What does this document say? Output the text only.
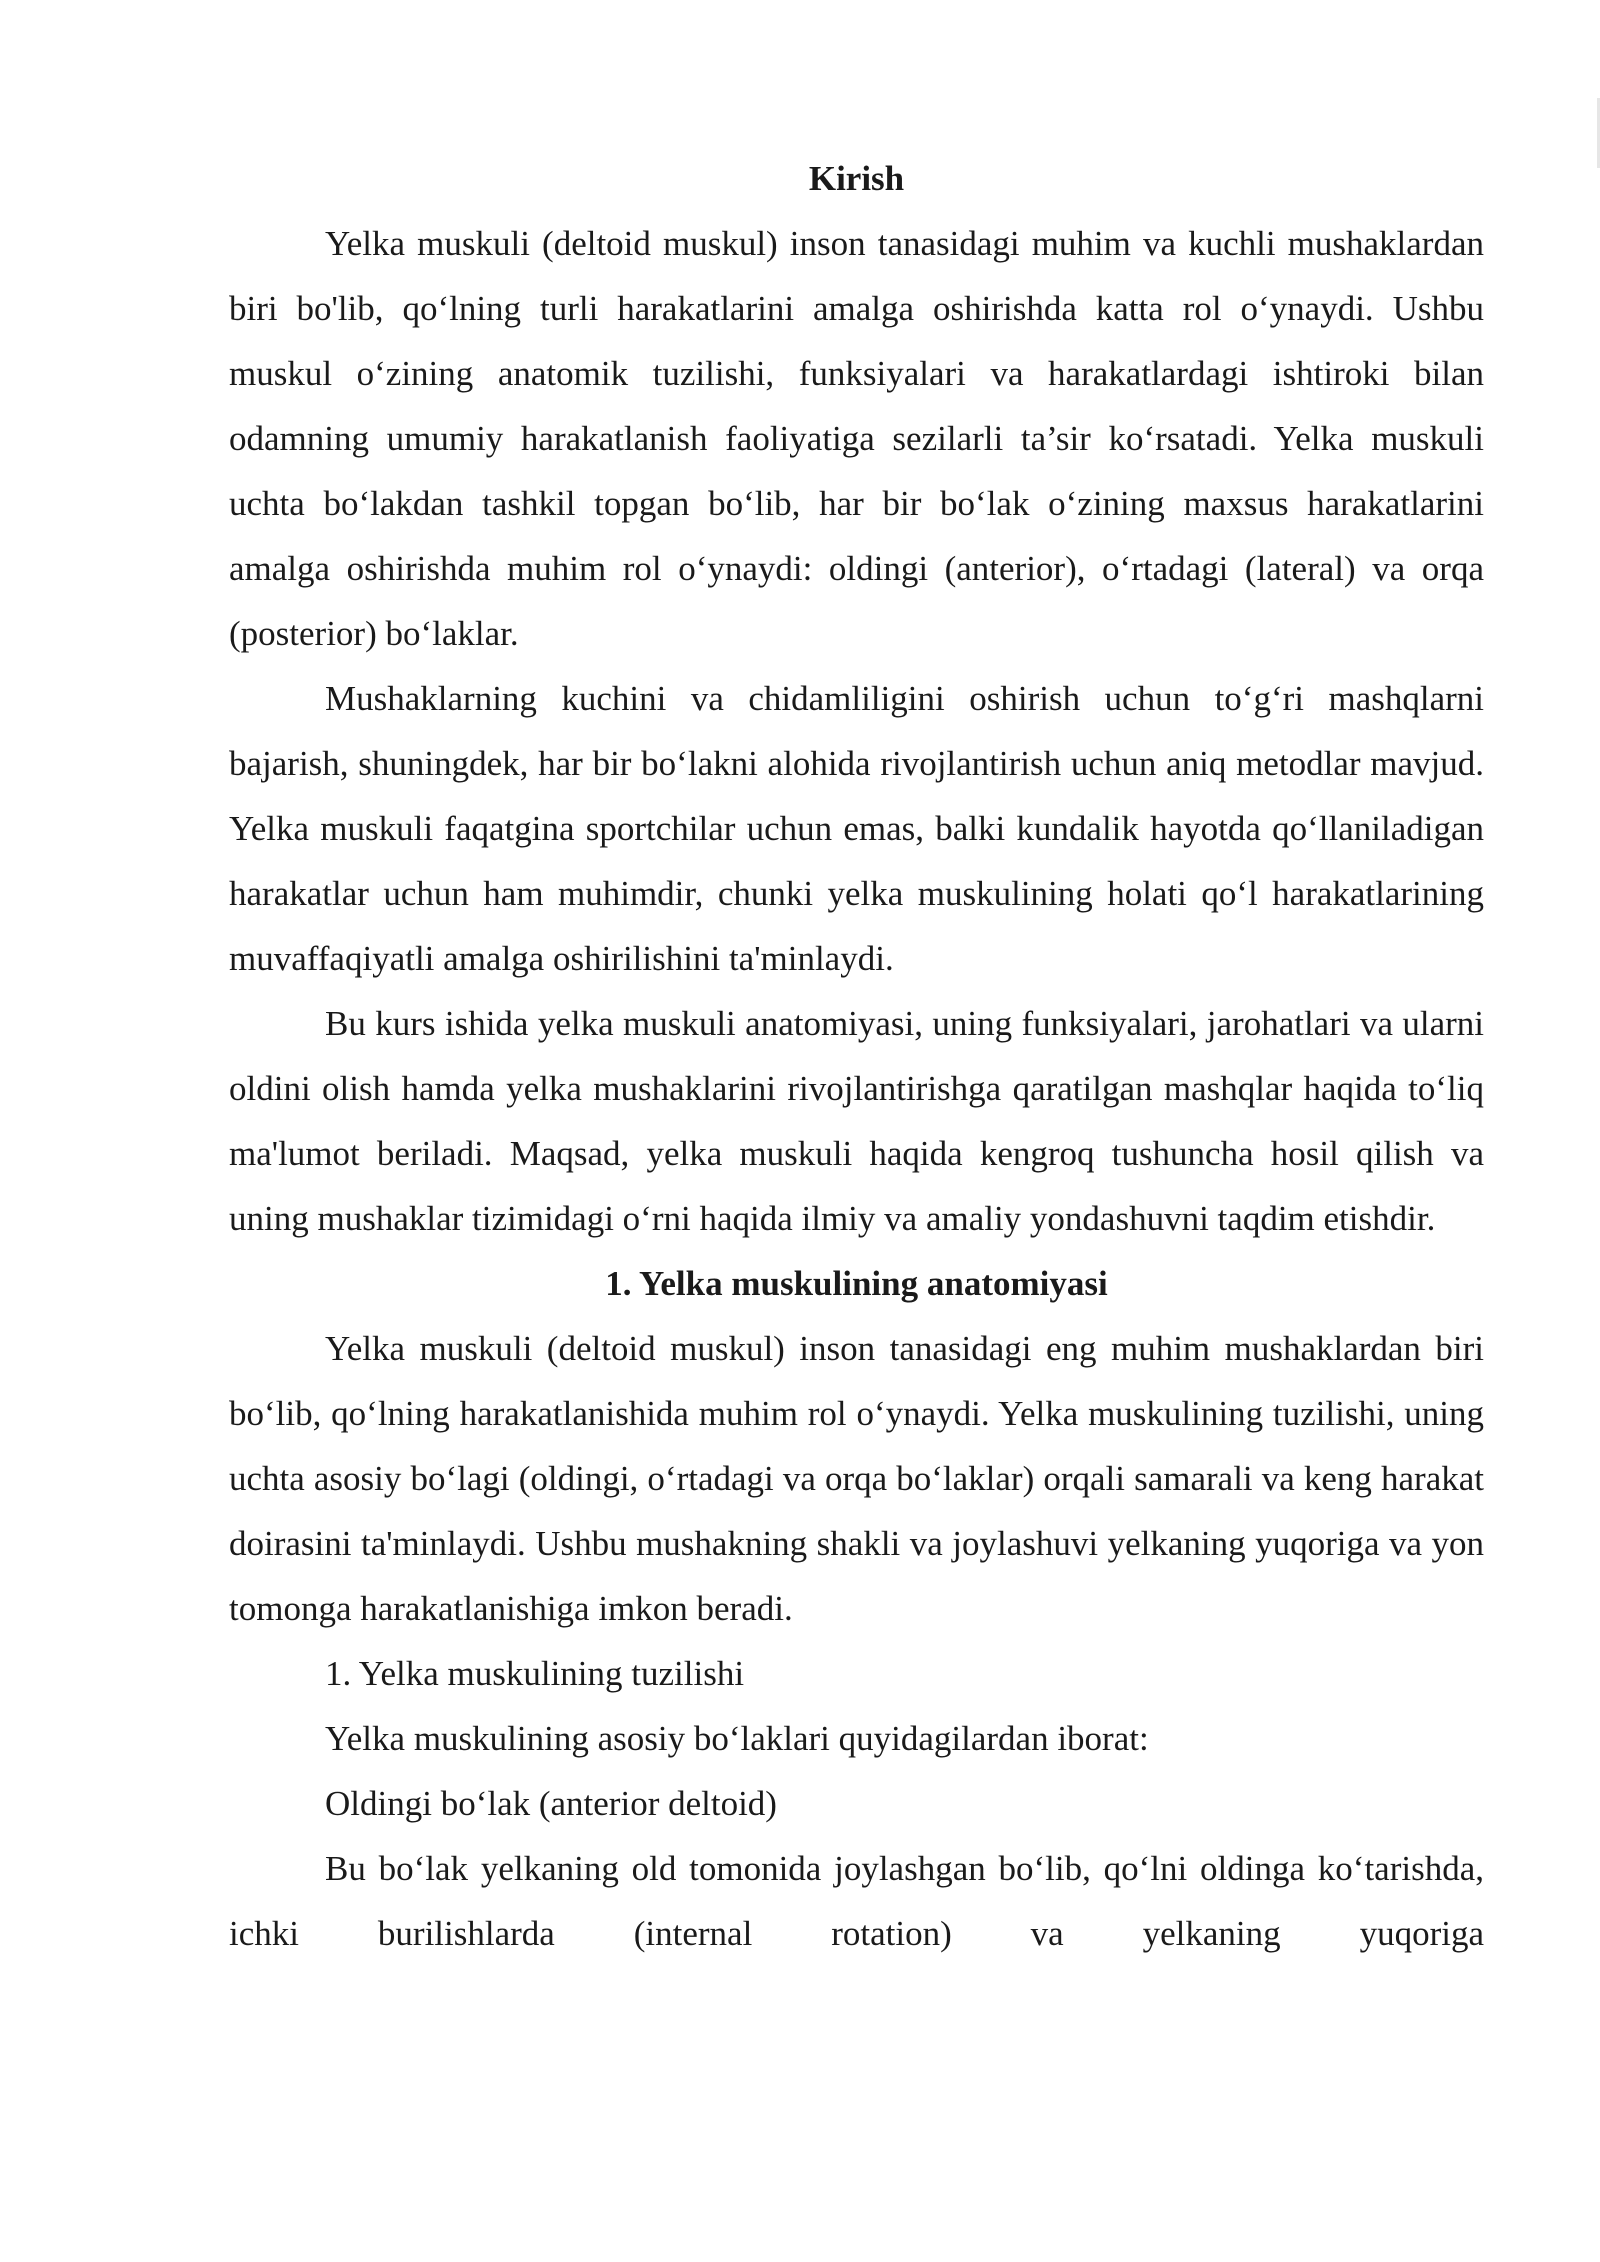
Kirish

Yelka muskuli (deltoid muskul) inson tanasidagi muhim va kuchli mushaklardan biri bo'lib, qo‘lning turli harakatlarini amalga oshirishda katta rol o‘ynaydi. Ushbu muskul o‘zining anatomik tuzilishi, funksiyalari va harakatlardagi ishtiroki bilan odamning umumiy harakatlanish faoliyatiga sezilarli ta’sir ko‘rsatadi. Yelka muskuli uchta bo‘lakdan tashkil topgan bo‘lib, har bir bo‘lak o‘zining maxsus harakatlarini amalga oshirishda muhim rol o‘ynaydi: oldingi (anterior), o‘rtadagi (lateral) va orqa (posterior) bo‘laklar.

Mushaklarning kuchini va chidamliligini oshirish uchun to‘g‘ri mashqlarni bajarish, shuningdek, har bir bo‘lakni alohida rivojlantirish uchun aniq metodlar mavjud. Yelka muskuli faqatgina sportchilar uchun emas, balki kundalik hayotda qo‘llaniladigan harakatlar uchun ham muhimdir, chunki yelka muskulining holati qo‘l harakatlarining muvaffaqiyatli amalga oshirilishini ta'minlaydi.

Bu kurs ishida yelka muskuli anatomiyasi, uning funksiyalari, jarohatlari va ularni oldini olish hamda yelka mushaklarini rivojlantirishga qaratilgan mashqlar haqida to‘liq ma'lumot beriladi. Maqsad, yelka muskuli haqida kengroq tushuncha hosil qilish va uning mushaklar tizimidagi o‘rni haqida ilmiy va amaliy yondashuvni taqdim etishdir.

1. Yelka muskulining anatomiyasi

Yelka muskuli (deltoid muskul) inson tanasidagi eng muhim mushaklardan biri bo‘lib, qo‘lning harakatlanishida muhim rol o‘ynaydi. Yelka muskulining tuzilishi, uning uchta asosiy bo‘lagi (oldingi, o‘rtadagi va orqa bo‘laklar) orqali samarali va keng harakat doirasini ta'minlaydi. Ushbu mushakning shakli va joylashuvi yelkaning yuqoriga va yon tomonga harakatlanishiga imkon beradi.

1. Yelka muskulining tuzilishi

Yelka muskulining asosiy bo‘laklari quyidagilardan iborat:

Oldingi bo‘lak (anterior deltoid)

Bu bo‘lak yelkaning old tomonida joylashgan bo‘lib, qo‘lni oldinga ko‘tarishda, ichki burilishlarda (internal rotation) va yelkaning yuqoriga
